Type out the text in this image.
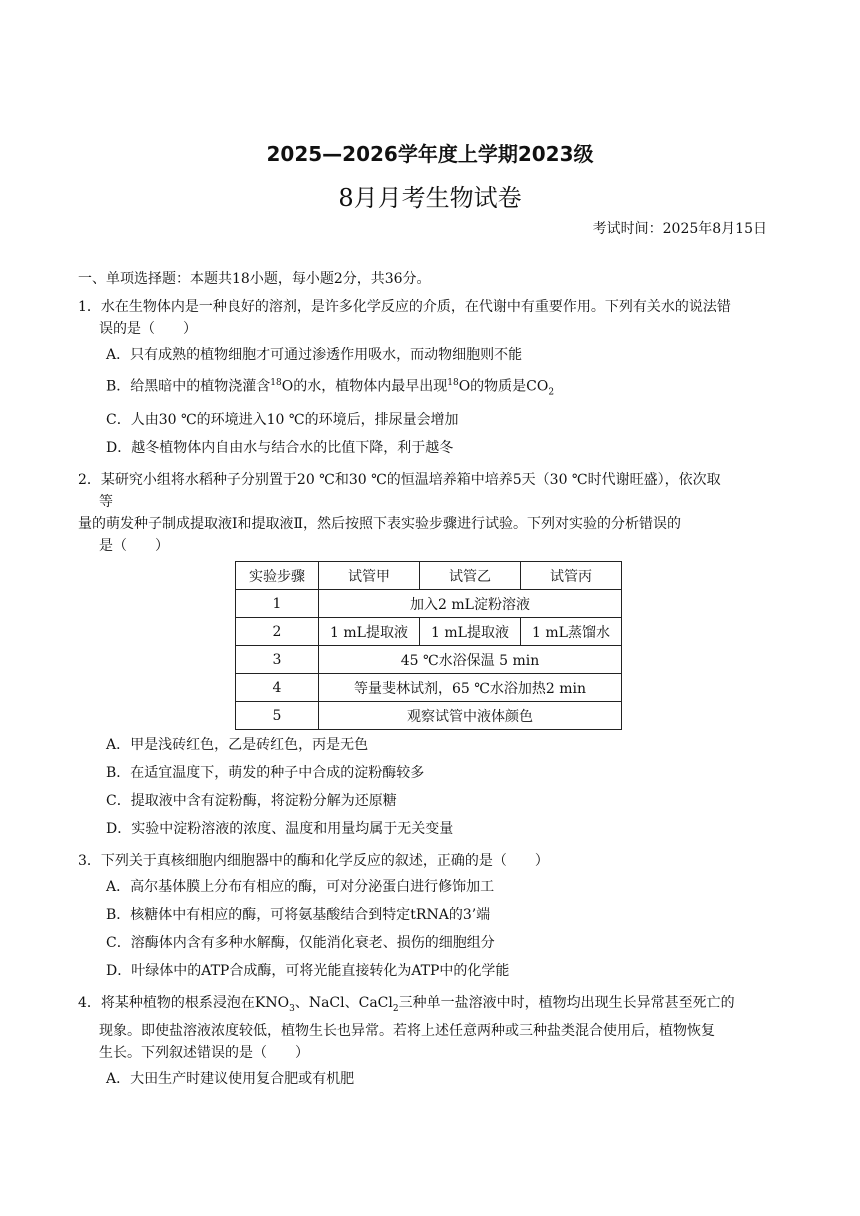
2025—2026学年度上学期2023级
8月月考生物试卷
考试时间：2025年8月15日
一、单项选择题：本题共18小题，每小题2分，共36分。
1．水在生物体内是一种良好的溶剂，是许多化学反应的介质，在代谢中有重要作用。下列有关水的说法错
误的是（　　）
A．只有成熟的植物细胞才可通过渗透作用吸水，而动物细胞则不能
B．给黑暗中的植物浇灌含$^{18}$O的水，植物体内最早出现$^{18}$O的物质是$CO_2$
C．人由30 ℃的环境进入10 ℃的环境后，排尿量会增加
D．越冬植物体内自由水与结合水的比值下降，利于越冬
2．某研究小组将水稻种子分别置于20 ℃和30 ℃的恒温培养箱中培养5天（30 ℃时代谢旺盛），依次取
等
量的萌发种子制成提取液Ⅰ和提取液Ⅱ，然后按照下表实验步骤进行试验。下列对实验的分析错误的
是（　　）
实验步骤	试管甲	试管乙	试管丙
1	加入2 mL淀粉溶液		
2	1 mL提取液	1 mL提取液	1 mL蒸馏水
3	45 ℃水浴保温 5 min		
4	等量斐林试剂，65 ℃水浴加热2 min		
5	观察试管中液体颜色		
A．甲是浅砖红色，乙是砖红色，丙是无色
B．在适宜温度下，萌发的种子中合成的淀粉酶较多
C．提取液中含有淀粉酶，将淀粉分解为还原糖
D．实验中淀粉溶液的浓度、温度和用量均属于无关变量
3．下列关于真核细胞内细胞器中的酶和化学反应的叙述，正确的是（　　）
A．高尔基体膜上分布有相应的酶，可对分泌蛋白进行修饰加工
B．核糖体中有相应的酶，可将氨基酸结合到特定tRNA的3’端
C．溶酶体内含有多种水解酶，仅能消化衰老、损伤的细胞组分
D．叶绿体中的ATP合成酶，可将光能直接转化为ATP中的化学能
4．将某种植物的根系浸泡在$KNO_3$、NaCl、CaCl$_2$三种单一盐溶液中时，植物均出现生长异常甚至死亡的
现象。即使盐溶液浓度较低，植物生长也异常。若将上述任意两种或三种盐类混合使用后，植物恢复
生长。下列叙述错误的是（　　）
A．大田生产时建议使用复合肥或有机肥
